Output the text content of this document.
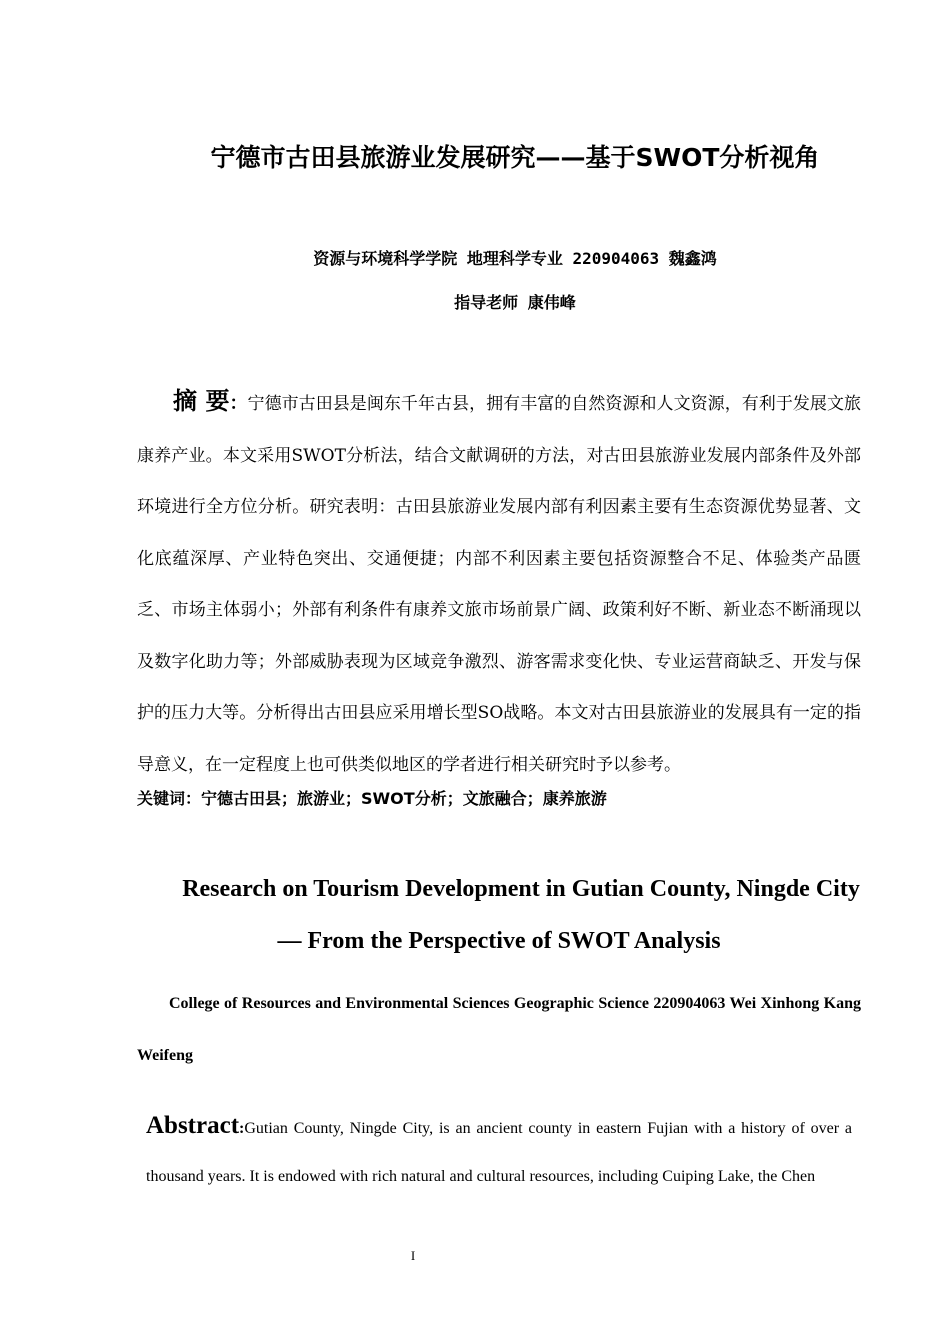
宁德市古田县旅游业发展研究——基于SWOT分析视角
资源与环境科学学院 地理科学专业 220904063 魏鑫鸿
指导老师 康伟峰
摘 要：宁德市古田县是闽东千年古县，拥有丰富的自然资源和人文资源，有利于发展文旅康养产业。本文采用SWOT分析法，结合文献调研的方法，对古田县旅游业发展内部条件及外部环境进行全方位分析。研究表明：古田县旅游业发展内部有利因素主要有生态资源优势显著、文化底蕴深厚、产业特色突出、交通便捷；内部不利因素主要包括资源整合不足、体验类产品匮乏、市场主体弱小；外部有利条件有康养文旅市场前景广阔、政策利好不断、新业态不断涌现以及数字化助力等；外部威胁表现为区域竞争激烈、游客需求变化快、专业运营商缺乏、开发与保护的压力大等。分析得出古田县应采用增长型SO战略。本文对古田县旅游业的发展具有一定的指导意义，在一定程度上也可供类似地区的学者进行相关研究时予以参考。
关键词：宁德古田县；旅游业；SWOT分析；文旅融合；康养旅游
Research on Tourism Development in Gutian County, Ningde City
— From the Perspective of SWOT Analysis
College of Resources and Environmental Sciences Geographic Science 220904063 Wei Xinhong Kang Weifeng
Abstract:Gutian County, Ningde City, is an ancient county in eastern Fujian with a history of over a thousand years. It is endowed with rich natural and cultural resources, including Cuiping Lake, the Chen
I
